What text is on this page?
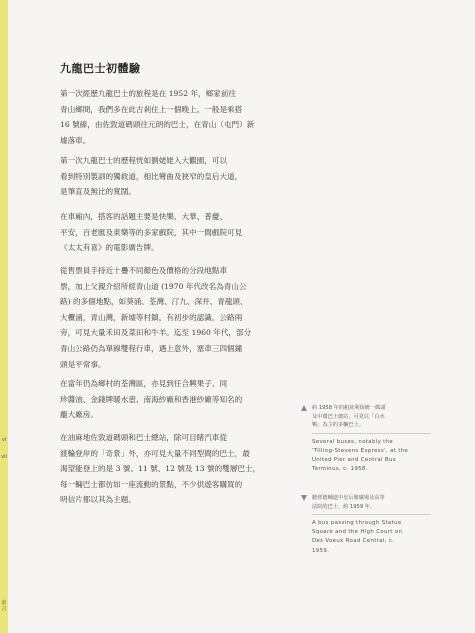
vi
vii
前言
九龍巴士初體驗
第一次經歷九龍巴士的旅程是在 1952 年，鄉家前往
青山鄉間，我們多在此古剎住上一個晚上。一般是乘搭
16 號線，由佐敦道碼頭往元朗的巴士，在青山（屯門）新
墟落車。
第一次九龍巴士的歷程恍如劉姥姥入大觀園，可以
看到特別製訓的獨救道，相比彎曲及狹窄的皇后大道，
是筆直及無比的寬闊。
在車廂內，搭客的話題主要是快樂、大華、普慶、
平安，百老匯及東樂等的多家戲院，其中一間戲院可見
《太太有喜》的電影廣告牌。
從售票員手持近十疊不同顏色及價格的分段地點車
票，加上父親介紹所經青山道 (1970 年代改名為青山公
路) 的多個地點，如葵涌、荃灣、汀九、深井、青龍頭、
大欖涌，青山灣，新墟等村鎮，有初步的認識。公路兩
旁，可見大量禾田及菜田和牛羊。迄至 1960 年代，部分
青山公路仍為單線雙程行車，遇上意外，塞車三四個鐘
頭是平常事。
在當年仍為鄉村的荃灣區，亦見到任合興果子、同
珍醬油、金錢牌暖水壺、南海紗廠和香港紗廠等知名的
龐大廠房。
在油麻地佐敦道碼頭和巴士總站，除可目睹汽車從
渡輪登岸的「奇景」外，亦可見大量不同型間的巴士，最
渴望能登上的是 3 號、11 號、12 號及 13 號的雙層巴士，
每一輛巴士都仿如一座流動的景點，不少供遊客購買的
明信片都以其為主題。
約 1958 年的租庇利街統一碼頭
及中環巴士總站，可見以「白水
鴨」為主的多輛巴士。
Several buses, notably the
'Tilling-Stevens Express', at the
United Pier and Central Bus
Terminus, c. 1958.
駛經德輔道中皇后像廣場及高等
法院的巴士，約 1959 年。
A bus passing through Statue
Square and the High Court on
Des Voeux Road Central, c.
1959.
